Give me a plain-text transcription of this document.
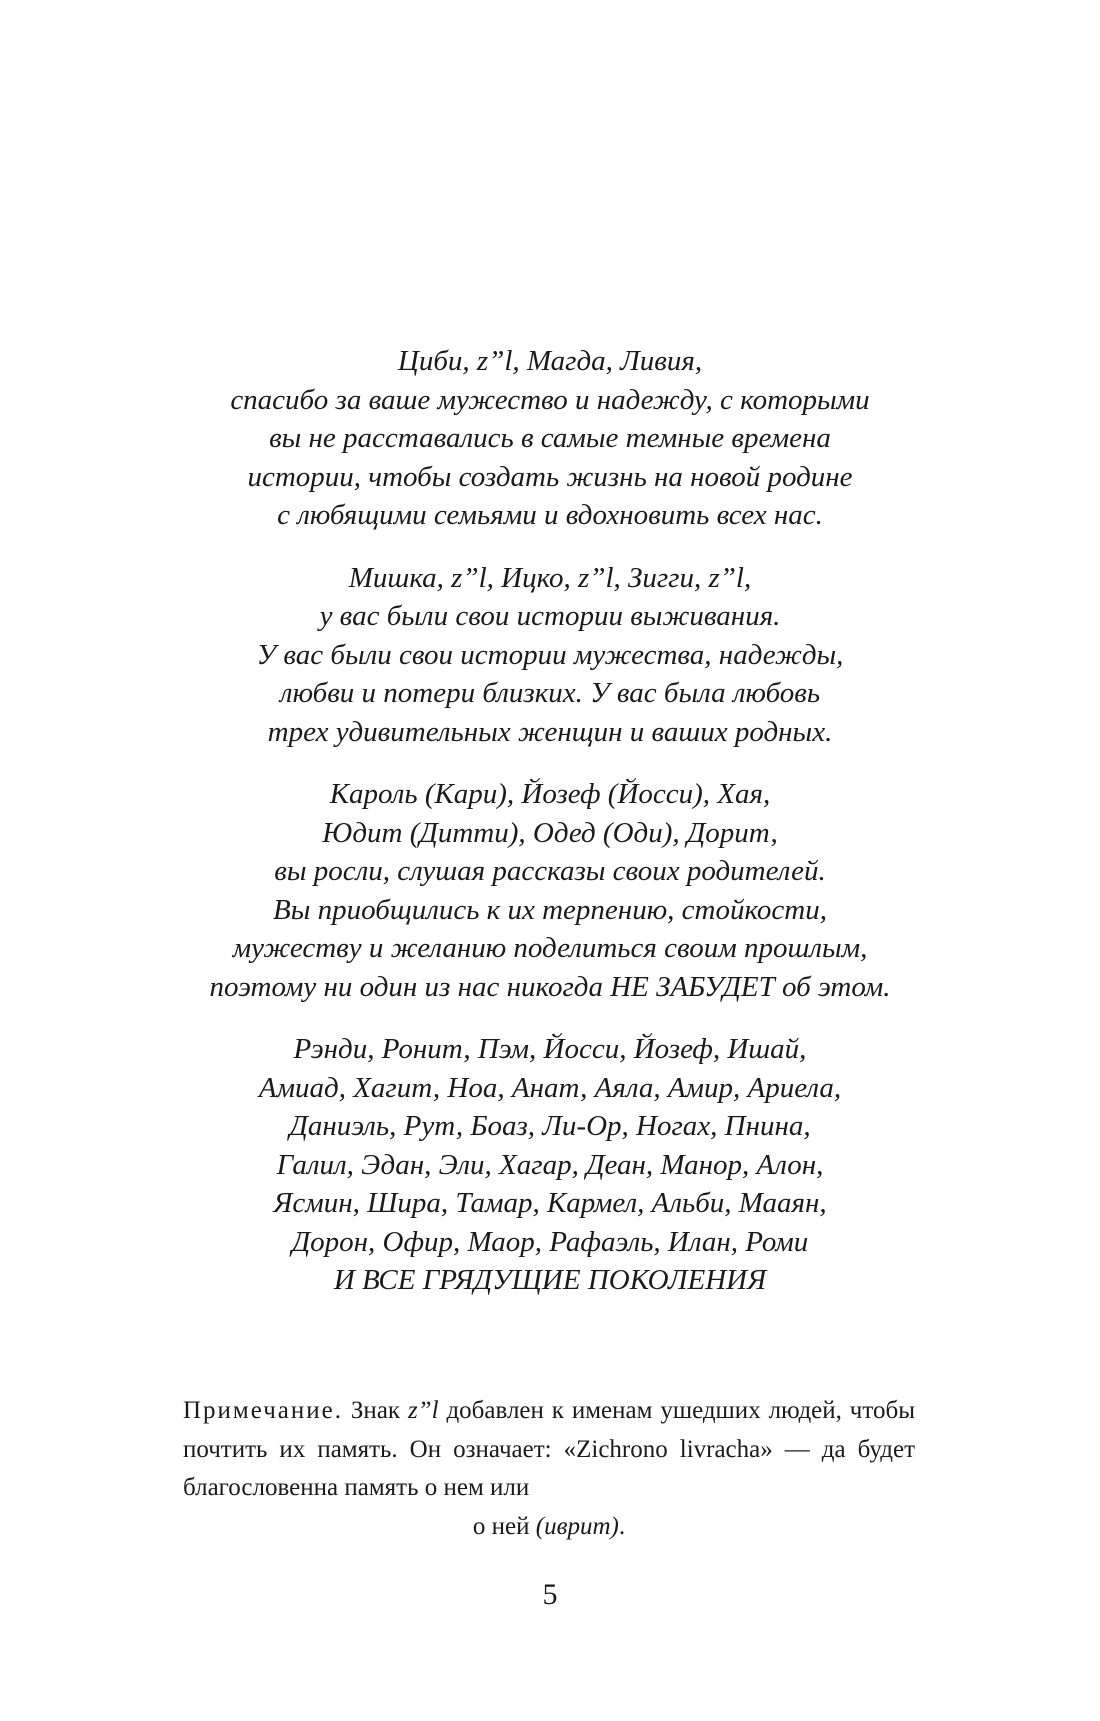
Циби, z”l, Магда, Ливия,
спасибо за ваше мужество и надежду, с которыми
вы не расставались в самые темные времена
истории, чтобы создать жизнь на новой родине
с любящими семьями и вдохновить всех нас.
Мишка, z”l, Ицко, z”l, Зигги, z”l,
у вас были свои истории выживания.
У вас были свои истории мужества, надежды,
любви и потери близких. У вас была любовь
трех удивительных женщин и ваших родных.
Кароль (Кари), Йозеф (Йосси), Хая,
Юдит (Дитти), Одед (Оди), Дорит,
вы росли, слушая рассказы своих родителей.
Вы приобщились к их терпению, стойкости,
мужеству и желанию поделиться своим прошлым,
поэтому ни один из нас никогда НЕ ЗАБУДЕТ об этом.
Рэнди, Ронит, Пэм, Йосси, Йозеф, Ишай,
Амиад, Хагит, Ноа, Анат, Аяла, Амир, Ариела,
Даниэль, Рут, Боаз, Ли-Ор, Ногах, Пнина,
Галил, Эдан, Эли, Хагар, Деан, Манор, Алон,
Ясмин, Шира, Тамар, Кармел, Альби, Мааян,
Дорон, Офир, Маор, Рафаэль, Илан, Роми
И ВСЕ ГРЯДУЩИЕ ПОКОЛЕНИЯ
Примечание. Знак z”l добавлен к именам ушедших людей, чтобы почтить их память. Он означает: «Zichrono livracha» — да будет благословенна память о нем или
о ней (иврит).
5
